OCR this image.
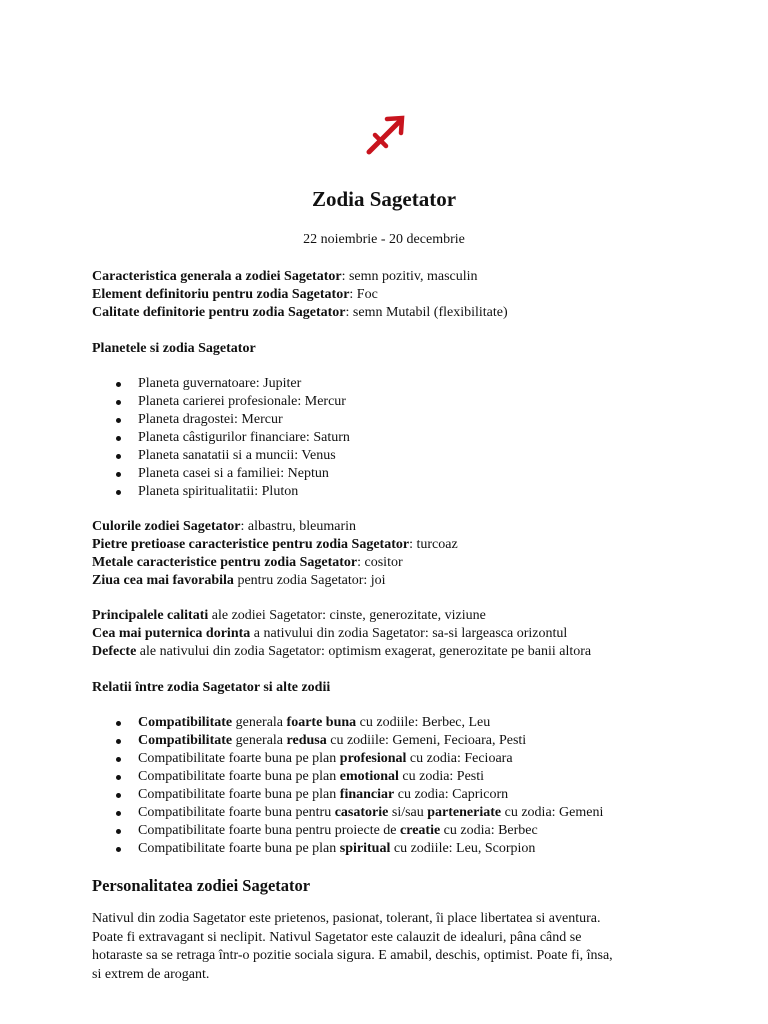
Zodia Sagetator
22 noiembrie - 20 decembrie
Caracteristica generala a zodiei Sagetator: semn pozitiv, masculin
Element definitoriu pentru zodia Sagetator: Foc
Calitate definitorie pentru zodia Sagetator: semn Mutabil (flexibilitate)
Planetele si zodia Sagetator
Planeta guvernatoare: Jupiter
Planeta carierei profesionale: Mercur
Planeta dragostei: Mercur
Planeta câstigurilor financiare: Saturn
Planeta sanatatii si a muncii: Venus
Planeta casei si a familiei: Neptun
Planeta spiritualitatii: Pluton
Culorile zodiei Sagetator: albastru, bleumarin
Pietre pretioase caracteristice pentru zodia Sagetator: turcoaz
Metale caracteristice pentru zodia Sagetator: cositor
Ziua cea mai favorabila pentru zodia Sagetator: joi
Principalele calitati ale zodiei Sagetator: cinste, generozitate, viziune
Cea mai puternica dorinta a nativului din zodia Sagetator: sa-si largeasca orizontul
Defecte ale nativului din zodia Sagetator: optimism exagerat, generozitate pe banii altora
Relatii între zodia Sagetator si alte zodii
Compatibilitate generala foarte buna cu zodiile: Berbec, Leu
Compatibilitate generala redusa cu zodiile: Gemeni, Fecioara, Pesti
Compatibilitate foarte buna pe plan profesional cu zodia: Fecioara
Compatibilitate foarte buna pe plan emotional cu zodia: Pesti
Compatibilitate foarte buna pe plan financiar cu zodia: Capricorn
Compatibilitate foarte buna pentru casatorie si/sau parteneriate cu zodia: Gemeni
Compatibilitate foarte buna pentru proiecte de creatie cu zodia: Berbec
Compatibilitate foarte buna pe plan spiritual cu zodiile: Leu, Scorpion
Personalitatea zodiei Sagetator
Nativul din zodia Sagetator este prietenos, pasionat, tolerant, îi place libertatea si aventura.
Poate fi extravagant si neclipit. Nativul Sagetator este calauzit de idealuri, pâna când se
hotaraste sa se retraga într-o pozitie sociala sigura. E amabil, deschis, optimist. Poate fi, însa,
si extrem de arogant.
